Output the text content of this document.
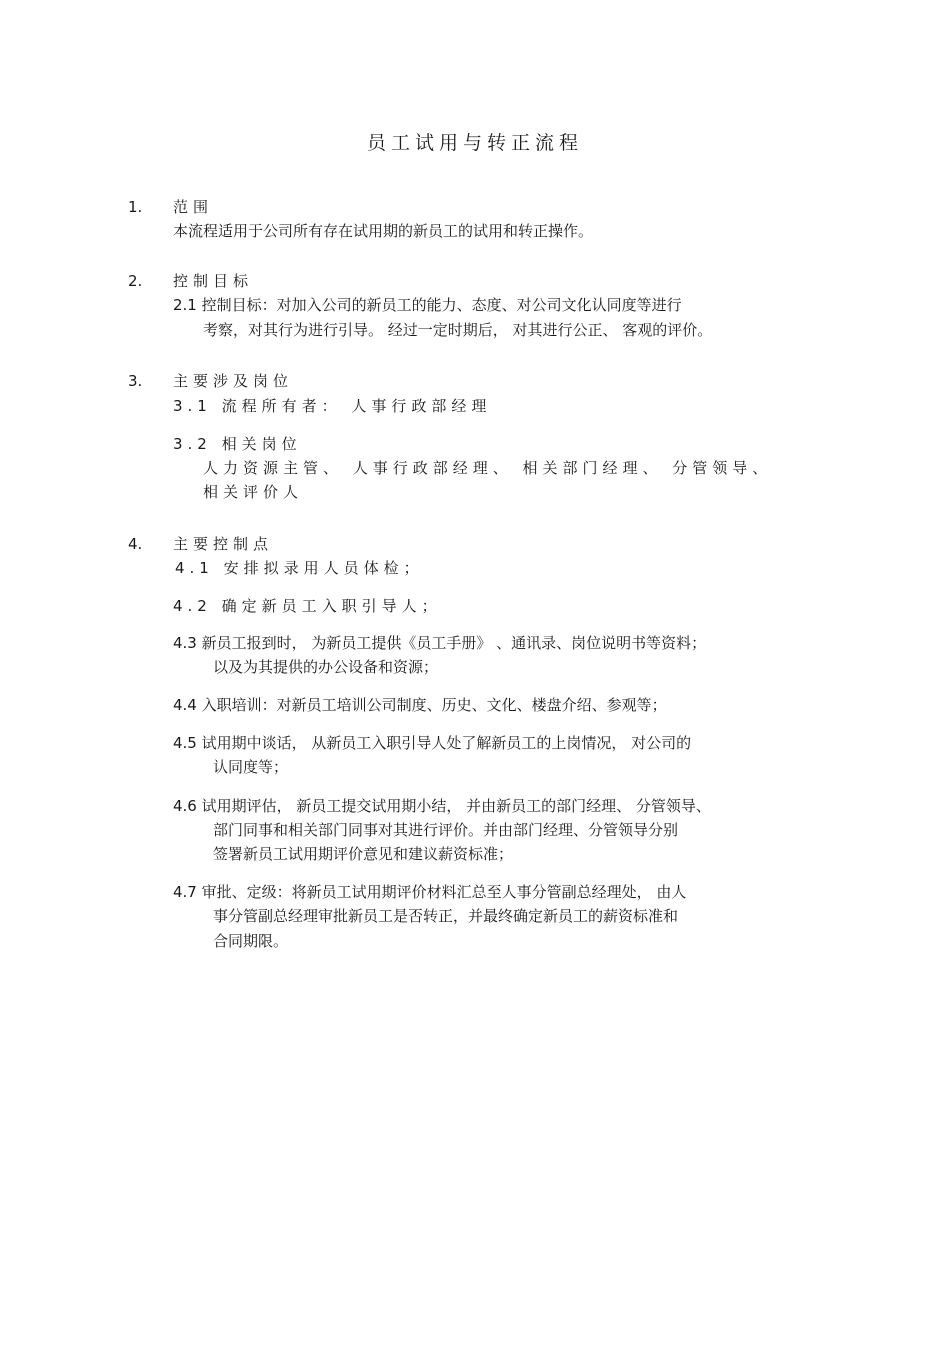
员工试用与转正流程
1. 范围
本流程适用于公司所有存在试用期的新员工的试用和转正操作。
2. 控制目标
2.1 控制目标：对加入公司的新员工的能力、态度、对公司文化认同度等进行
考察，对其行为进行引导。 经过一定时期后， 对其进行公正、 客观的评价。
3. 主要涉及岗位
3.1 流程所有者： 人事行政部经理
3.2 相关岗位
人力资源主管、 人事行政部经理、 相关部门经理、 分管领导、
相关评价人
4. 主要控制点
4.1 安排拟录用人员体检；
4.2 确定新员工入职引导人；
4.3 新员工报到时， 为新员工提供《员工手册》 、通讯录、岗位说明书等资料；
以及为其提供的办公设备和资源；
4.4 入职培训：对新员工培训公司制度、历史、文化、楼盘介绍、参观等；
4.5 试用期中谈话， 从新员工入职引导人处了解新员工的上岗情况， 对公司的
认同度等；
4.6 试用期评估， 新员工提交试用期小结， 并由新员工的部门经理、 分管领导、
部门同事和相关部门同事对其进行评价。并由部门经理、分管领导分别
签署新员工试用期评价意见和建议薪资标准；
4.7 审批、定级：将新员工试用期评价材料汇总至人事分管副总经理处， 由人
事分管副总经理审批新员工是否转正，并最终确定新员工的薪资标准和
合同期限。
